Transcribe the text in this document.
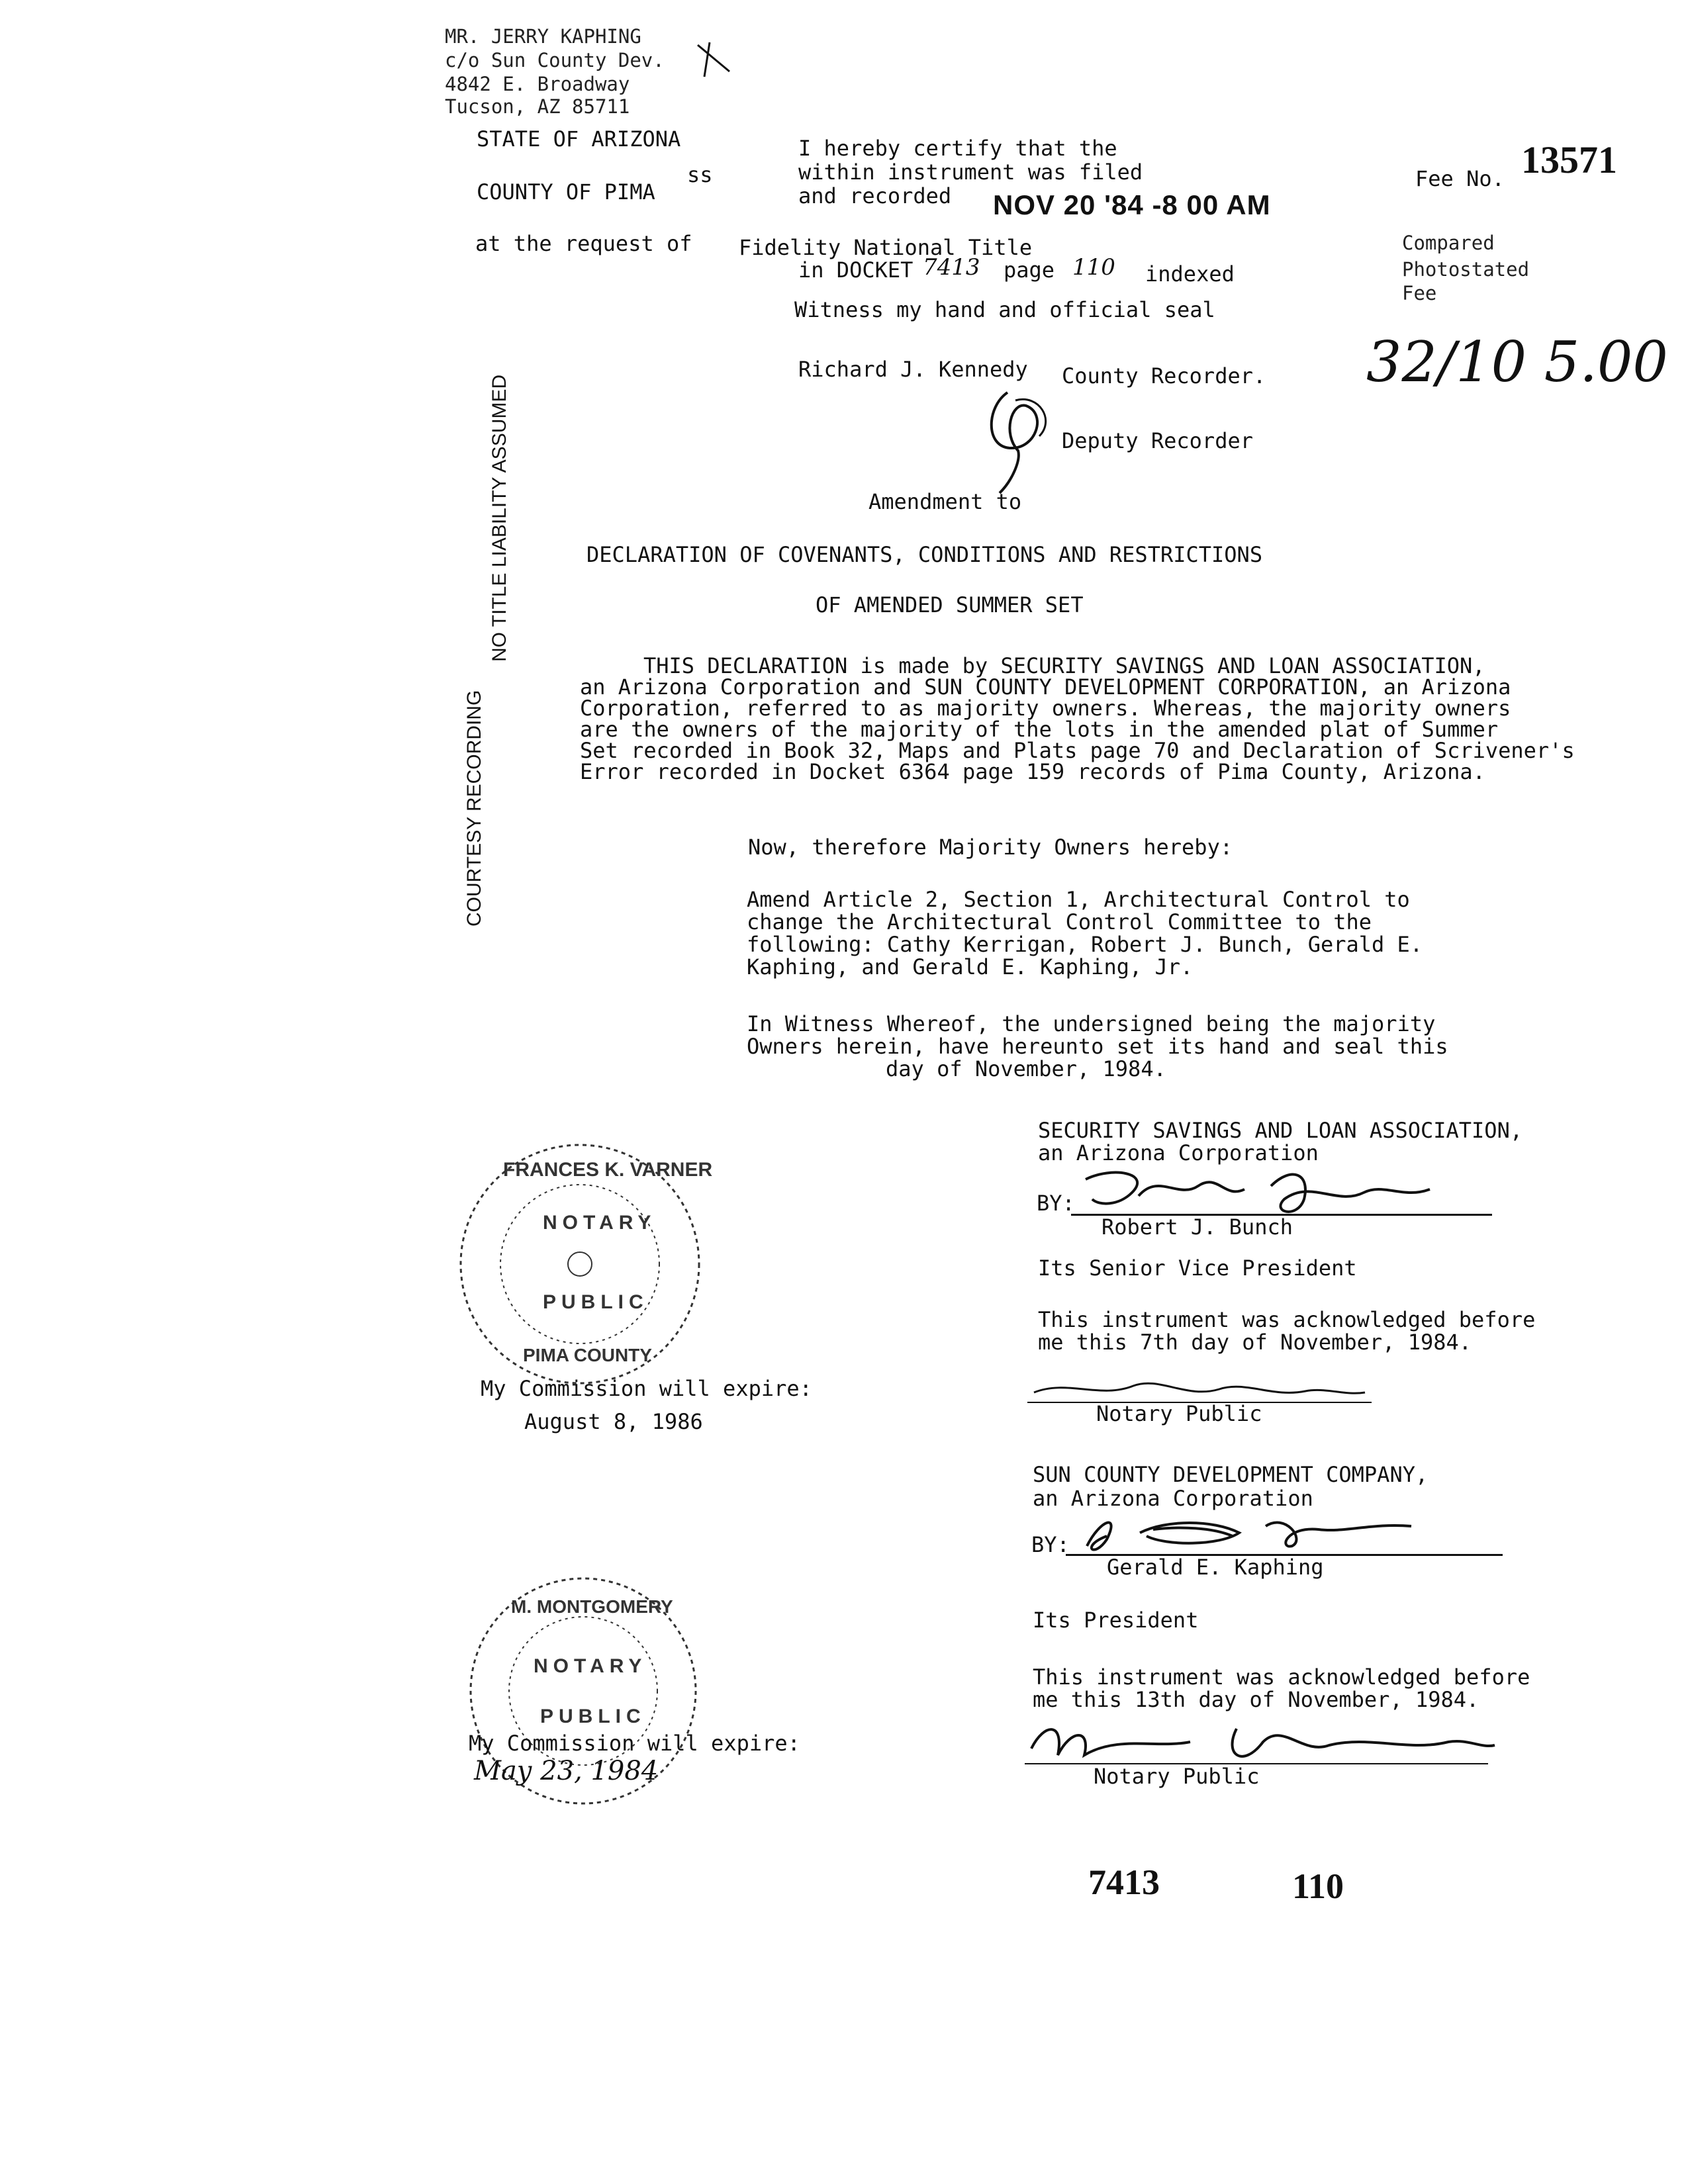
MR. JERRY KAPHING
c/o Sun County Dev.
4842 E. Broadway
Tucson, AZ 85711
STATE OF ARIZONA
ss
COUNTY OF PIMA
at the request of
I hereby certify that the
within instrument was filed
and recorded NOV 20 '84 -8 00 AM
Fidelity National Title
in DOCKET 7413 page 110 indexed
Witness my hand and official seal
Richard J. Kennedy County Recorder.
Deputy Recorder
Fee No. 13571
Compared
Photostated
Fee
32/10 5.00
COURTESY RECORDING
NO TITLE LIABILITY ASSUMED	Amendment to
DECLARATION OF COVENANTS, CONDITIONS AND RESTRICTIONS
OF AMENDED SUMMER SET
THIS DECLARATION is made by SECURITY SAVINGS AND LOAN ASSOCIATION,
an Arizona Corporation and SUN COUNTY DEVELOPMENT CORPORATION, an Arizona
Corporation, referred to as majority owners. Whereas, the majority owners
are the owners of the majority of the lots in the amended plat of Summer
Set recorded in Book 32, Maps and Plats page 70 and Declaration of Scrivener's
Error recorded in Docket 6364 page 159 records of Pima County, Arizona.
Now, therefore Majority Owners hereby:
Amend Article 2, Section 1, Architectural Control to
change the Architectural Control Committee to the
following: Cathy Kerrigan, Robert J. Bunch, Gerald E.
Kaphing, and Gerald E. Kaphing, Jr.
In Witness Whereof, the undersigned being the majority
Owners herein, have hereunto set its hand and seal this
day of November, 1984.
SECURITY SAVINGS AND LOAN ASSOCIATION,
an Arizona Corporation
BY:
Robert J. Bunch
Its Senior Vice President
This instrument was acknowledged before
me this 7th day of November, 1984.
Notary Public
FRANCES K. VARNER
NOTARY
PUBLIC
PIMA COUNTY
My Commission will expire:
August 8, 1986
SUN COUNTY DEVELOPMENT COMPANY,
an Arizona Corporation
BY:
Gerald E. Kaphing
Its President
This instrument was acknowledged before
me this 13th day of November, 1984.
Notary Public
M. MONTGOMERY
NOTARY
PUBLIC
My Commission will expire:
May 23, 1984
7413	110
